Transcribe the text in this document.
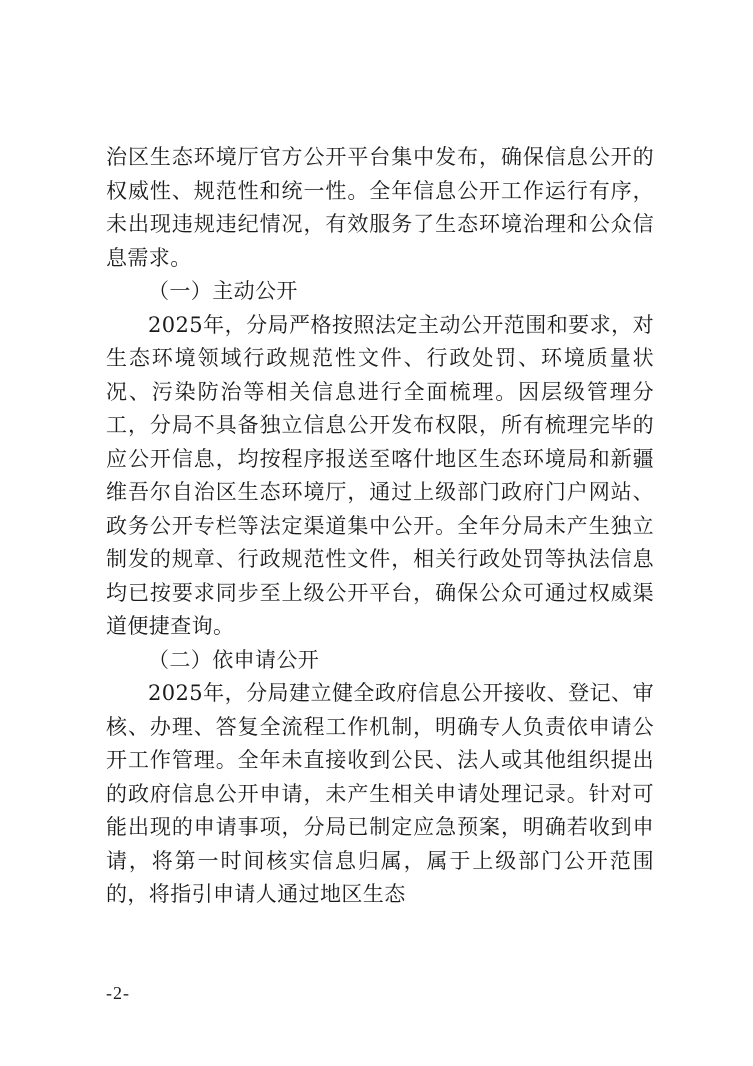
治区生态环境厅官方公开平台集中发布，确保信息公开的权威性、规范性和统一性。全年信息公开工作运行有序，未出现违规违纪情况，有效服务了生态环境治理和公众信息需求。

（一）主动公开

2025年，分局严格按照法定主动公开范围和要求，对生态环境领域行政规范性文件、行政处罚、环境质量状况、污染防治等相关信息进行全面梳理。因层级管理分工，分局不具备独立信息公开发布权限，所有梳理完毕的应公开信息，均按程序报送至喀什地区生态环境局和新疆维吾尔自治区生态环境厅，通过上级部门政府门户网站、政务公开专栏等法定渠道集中公开。全年分局未产生独立制发的规章、行政规范性文件，相关行政处罚等执法信息均已按要求同步至上级公开平台，确保公众可通过权威渠道便捷查询。

（二）依申请公开

2025年，分局建立健全政府信息公开接收、登记、审核、办理、答复全流程工作机制，明确专人负责依申请公开工作管理。全年未直接收到公民、法人或其他组织提出的政府信息公开申请，未产生相关申请处理记录。针对可能出现的申请事项，分局已制定应急预案，明确若收到申请，将第一时间核实信息归属，属于上级部门公开范围的，将指引申请人通过地区生态

-2-
